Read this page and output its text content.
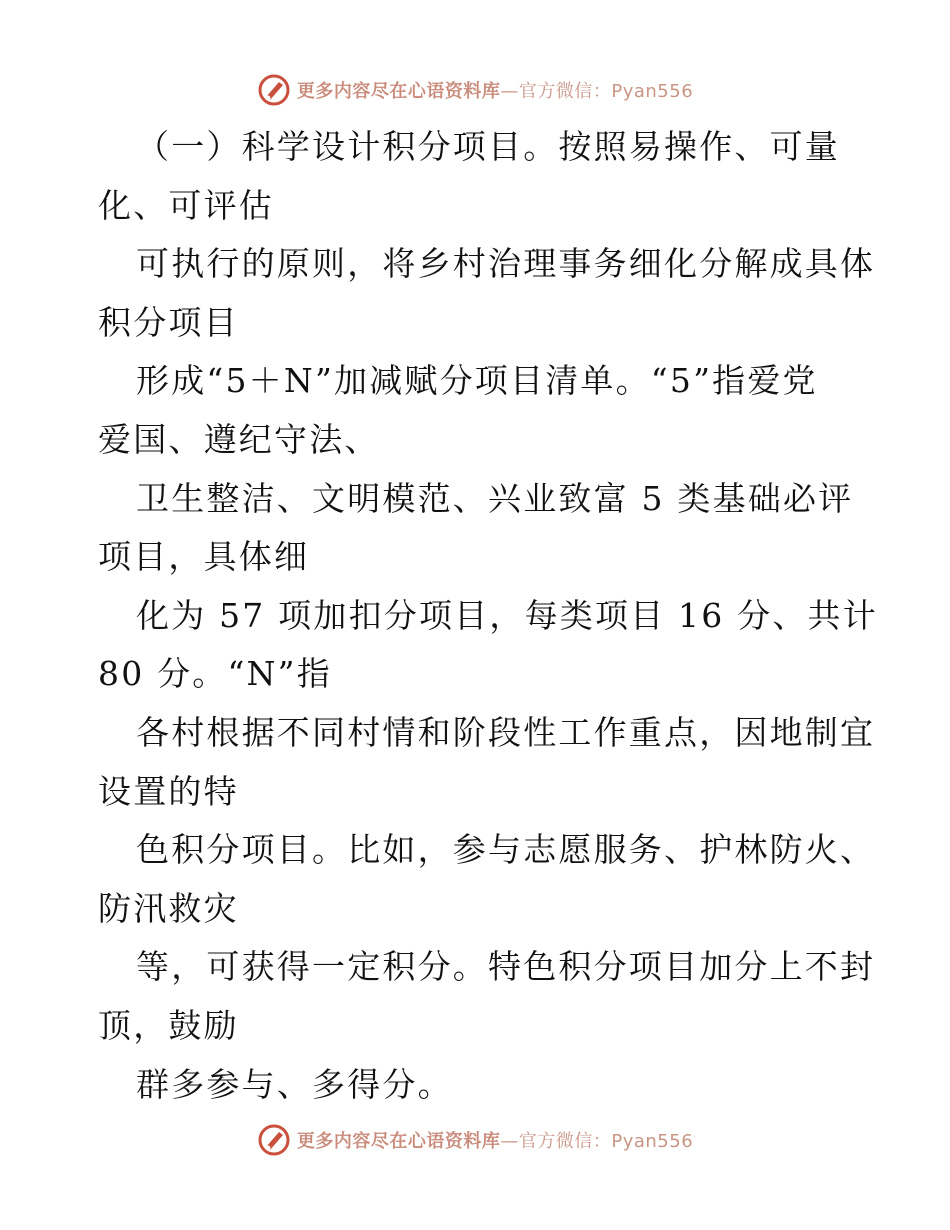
更多内容尽在心语资料库—官方微信：Pyan556
（一）科学设计积分项目。按照易操作、可量
化、可评估
可执行的原则，将乡村治理事务细化分解成具体
积分项目
形成“5＋N”加减赋分项目清单。“5”指爱党
爱国、遵纪守法、
卫生整洁、文明模范、兴业致富 5 类基础必评
项目，具体细
化为 57 项加扣分项目，每类项目 16 分、共计
80 分。“N”指
各村根据不同村情和阶段性工作重点，因地制宜
设置的特
色积分项目。比如，参与志愿服务、护林防火、
防汛救灾
等，可获得一定积分。特色积分项目加分上不封
顶，鼓励
群多参与、多得分。
更多内容尽在心语资料库—官方微信：Pyan556
